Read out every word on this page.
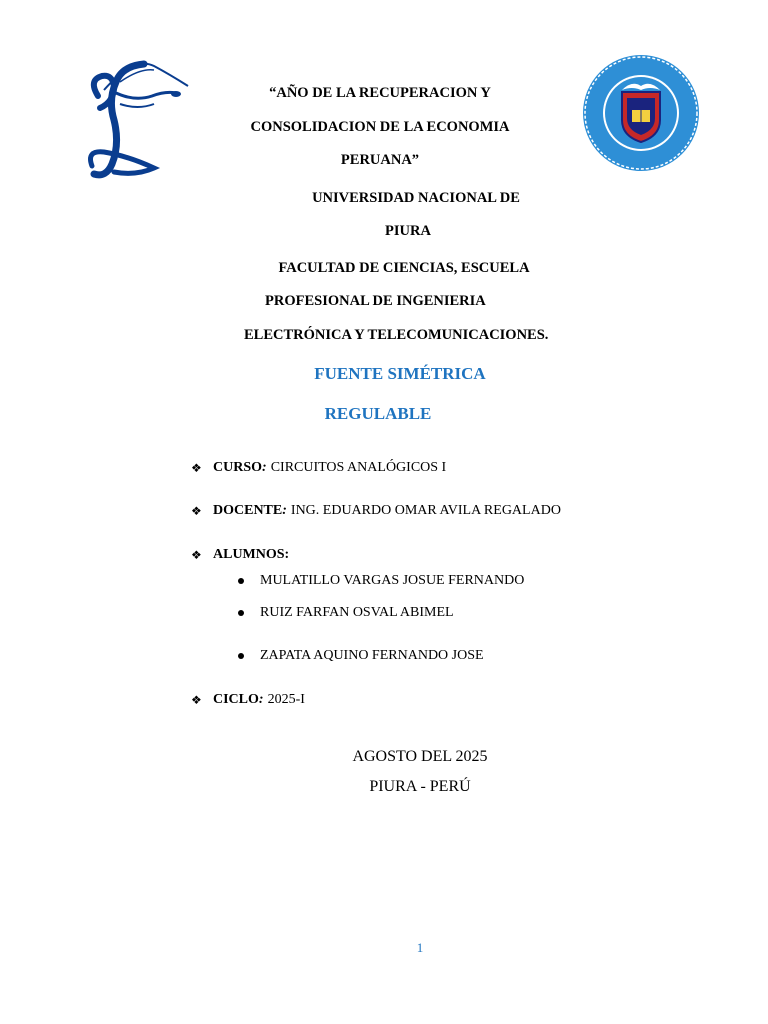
“AÑO DE LA RECUPERACION Y
CONSOLIDACION DE LA ECONOMIA
PERUANA”
UNIVERSIDAD NACIONAL DE
PIURA
FACULTAD DE CIENCIAS, ESCUELA
PROFESIONAL DE INGENIERIA
ELECTRÓNICA Y TELECOMUNICACIONES.
FUENTE SIMÉTRICA
REGULABLE
❖ CURSO: CIRCUITOS ANALÓGICOS I
❖ DOCENTE: ING. EDUARDO OMAR AVILA REGALADO
❖ ALUMNOS:
MULATILLO VARGAS JOSUE FERNANDO
RUIZ FARFAN OSVAL ABIMEL
ZAPATA AQUINO FERNANDO JOSE
❖ CICLO: 2025-I
AGOSTO DEL 2025
PIURA - PERÚ
1
